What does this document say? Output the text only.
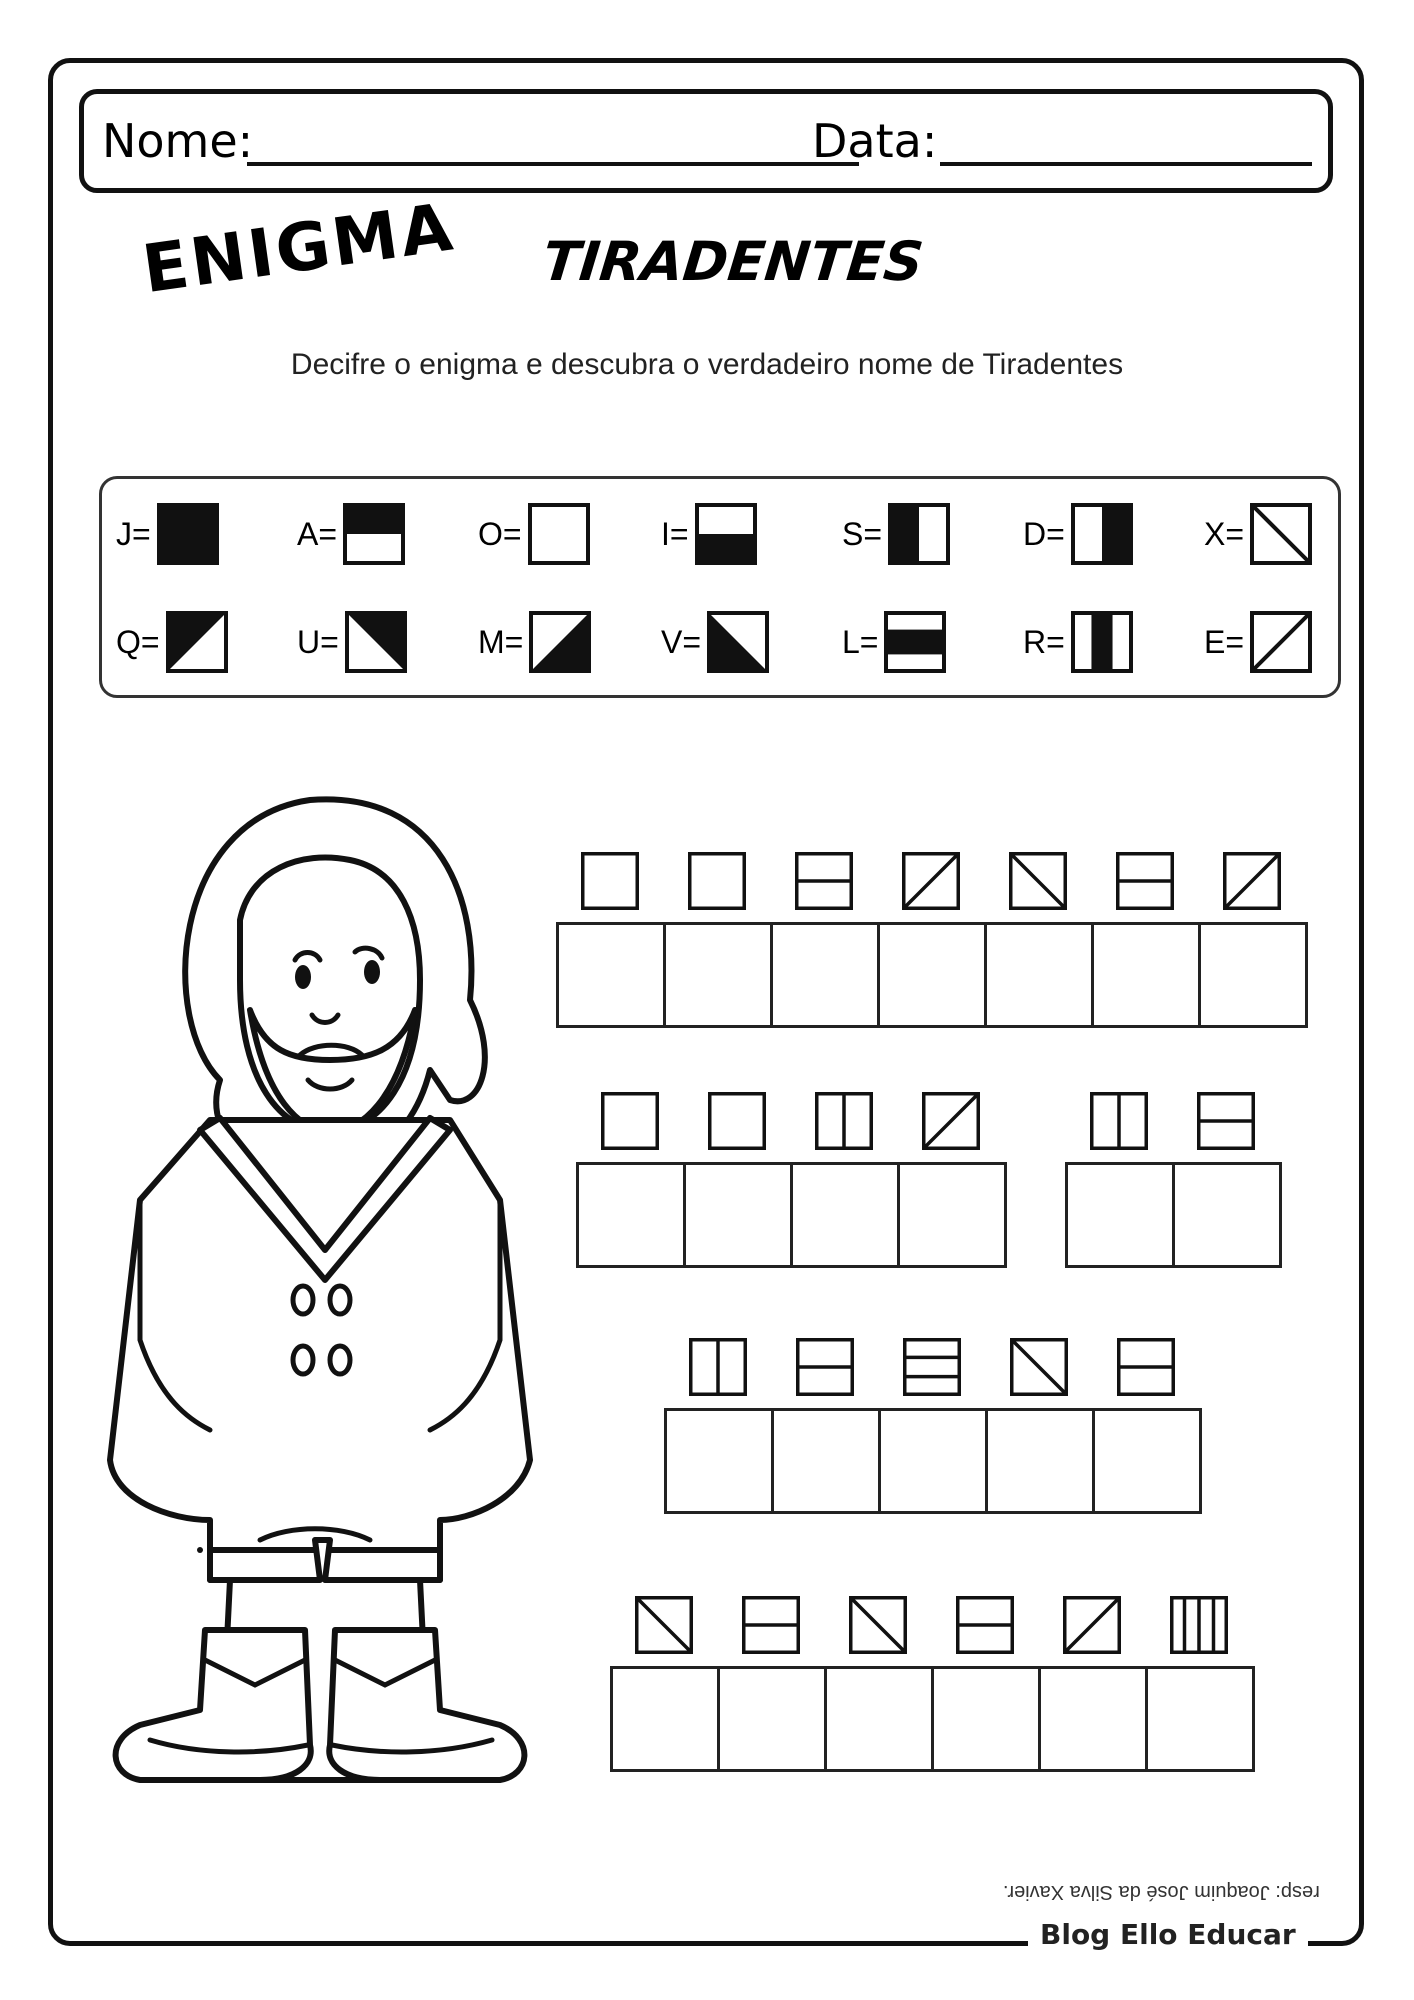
Nome:	Data:
ENIGMA TIRADENTES
Decifre o enigma e descubra o verdadeiro nome de Tiradentes
J=	A=	O=	I=	S=	D=	X=
Q=	U=	M=	V=	L=	R=	E=
resp: Joaquim José da Silva Xavier.
Blog Ello Educar
